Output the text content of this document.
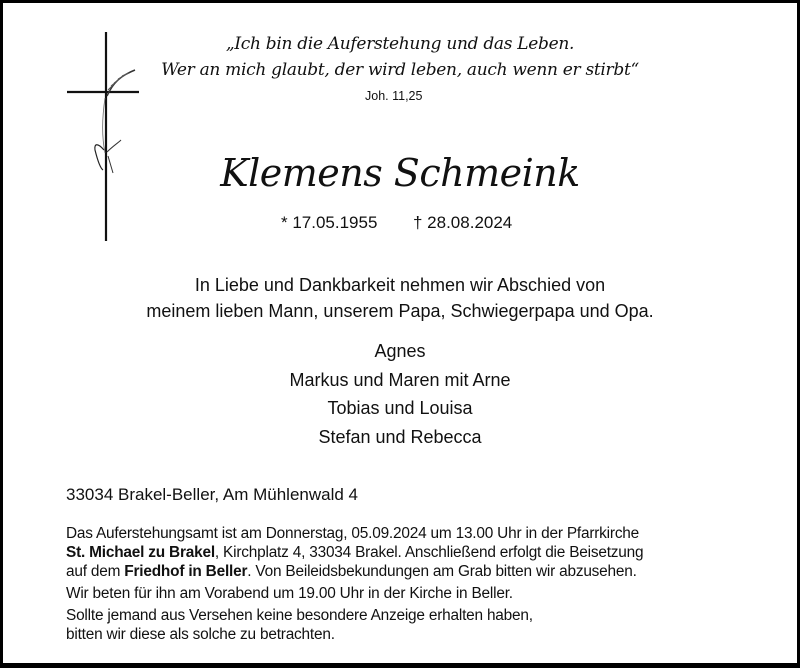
„Ich bin die Auferstehung und das Leben.
Wer an mich glaubt, der wird leben, auch wenn er stirbt“
Joh. 11,25
Klemens Schmeink
* 17.05.1955 † 28.08.2024
In Liebe und Dankbarkeit nehmen wir Abschied von
meinem lieben Mann, unserem Papa, Schwiegerpapa und Opa.
Agnes
Markus und Maren mit Arne
Tobias und Louisa
Stefan und Rebecca
33034 Brakel-Beller, Am Mühlenwald 4
Das Auferstehungsamt ist am Donnerstag, 05.09.2024 um 13.00 Uhr in der Pfarrkirche
St. Michael zu Brakel, Kirchplatz 4, 33034 Brakel. Anschließend erfolgt die Beisetzung
auf dem Friedhof in Beller. Von Beileidsbekundungen am Grab bitten wir abzusehen.
Wir beten für ihn am Vorabend um 19.00 Uhr in der Kirche in Beller.
Sollte jemand aus Versehen keine besondere Anzeige erhalten haben,
bitten wir diese als solche zu betrachten.
